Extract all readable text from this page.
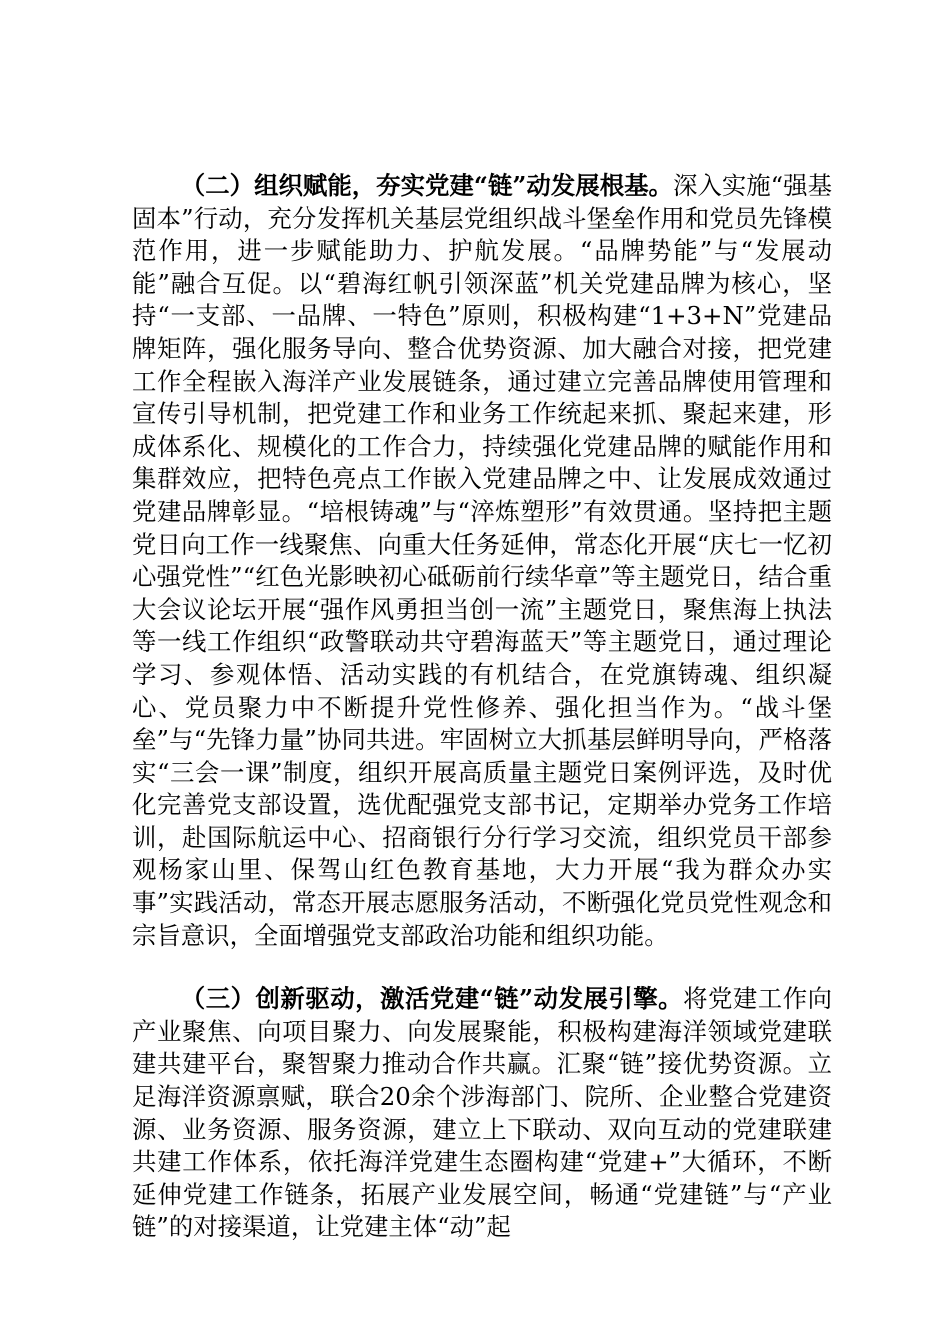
（二）组织赋能，夯实党建“链”动发展根基。深入实施“强基固本”行动，充分发挥机关基层党组织战斗堡垒作用和党员先锋模范作用，进一步赋能助力、护航发展。“品牌势能”与“发展动能”融合互促。以“碧海红帆引领深蓝”机关党建品牌为核心，坚持“一支部、一品牌、一特色”原则，积极构建“1+3+N”党建品牌矩阵，强化服务导向、整合优势资源、加大融合对接，把党建工作全程嵌入海洋产业发展链条，通过建立完善品牌使用管理和宣传引导机制，把党建工作和业务工作统起来抓、聚起来建，形成体系化、规模化的工作合力，持续强化党建品牌的赋能作用和集群效应，把特色亮点工作嵌入党建品牌之中、让发展成效通过党建品牌彰显。“培根铸魂”与“淬炼塑形”有效贯通。坚持把主题党日向工作一线聚焦、向重大任务延伸，常态化开展“庆七一忆初心强党性”“红色光影映初心砥砺前行续华章”等主题党日，结合重大会议论坛开展“强作风勇担当创一流”主题党日，聚焦海上执法等一线工作组织“政警联动共守碧海蓝天”等主题党日，通过理论学习、参观体悟、活动实践的有机结合，在党旗铸魂、组织凝心、党员聚力中不断提升党性修养、强化担当作为。“战斗堡垒”与“先锋力量”协同共进。牢固树立大抓基层鲜明导向，严格落实“三会一课”制度，组织开展高质量主题党日案例评选，及时优化完善党支部设置，选优配强党支部书记，定期举办党务工作培训，赴国际航运中心、招商银行分行学习交流，组织党员干部参观杨家山里、保驾山红色教育基地，大力开展“我为群众办实事”实践活动，常态开展志愿服务活动，不断强化党员党性观念和宗旨意识，全面增强党支部政治功能和组织功能。

（三）创新驱动，激活党建“链”动发展引擎。将党建工作向产业聚焦、向项目聚力、向发展聚能，积极构建海洋领域党建联建共建平台，聚智聚力推动合作共赢。汇聚“链”接优势资源。立足海洋资源禀赋，联合20余个涉海部门、院所、企业整合党建资源、业务资源、服务资源，建立上下联动、双向互动的党建联建共建工作体系，依托海洋党建生态圈构建“党建+”大循环，不断延伸党建工作链条，拓展产业发展空间，畅通“党建链”与“产业链”的对接渠道，让党建主体“动”起
